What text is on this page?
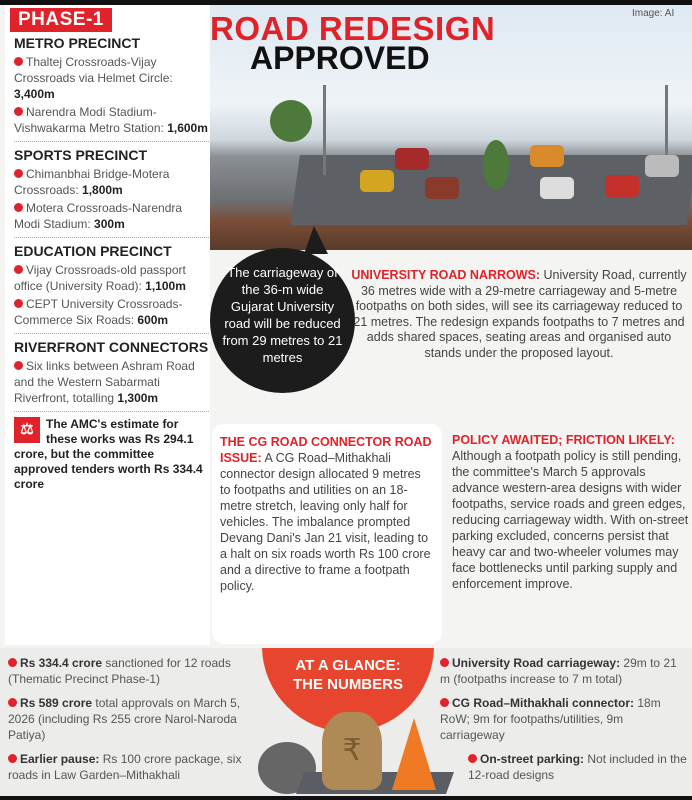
ROAD REDESIGN
APPROVED
Image: AI
PHASE-1
METRO PRECINCT

Thaltej Crossroads-Vijay Crossroads via Helmet Circle: 3,400m

Narendra Modi Stadium-Vishwakarma Metro Station: 1,600m

SPORTS PRECINCT

Chimanbhai Bridge-Motera Crossroads: 1,800m

Motera Crossroads-Narendra Modi Stadium: 300m

EDUCATION PRECINCT

Vijay Crossroads-old passport office (University Road): 1,100m

CEPT University Crossroads-Commerce Six Roads: 600m

RIVERFRONT CONNECTORS

Six links between Ashram Road and the Western Sabarmati Riverfront, totalling 1,300m

⚖	The AMC's estimate for these works was Rs 294.1 crore, but the committee approved tenders worth Rs 334.4 crore
The carriageway of the 36-m wide Gujarat University road will be reduced from 29 metres to 21 metres
UNIVERSITY ROAD NARROWS: University Road, currently 36 metres wide with a 29-metre carriageway and 5-metre footpaths on both sides, will see its carriageway reduced to 21 metres. The redesign expands footpaths to 7 metres and adds shared spaces, seating areas and organised auto stands under the proposed layout.
THE CG ROAD CONNECTOR ROAD ISSUE: A CG Road–Mithakhali connector design allocated 9 metres to footpaths and utilities on an 18-metre stretch, leaving only half for vehicles. The imbalance prompted Devang Dani's Jan 21 visit, leading to a halt on six roads worth Rs 100 crore and a directive to frame a footpath policy.
POLICY AWAITED; FRICTION LIKELY: Although a footpath policy is still pending, the committee's March 5 approvals advance western-area designs with wider footpaths, service roads and green edges, reducing carriageway width. With on-street parking excluded, concerns persist that heavy car and two-wheeler volumes may face bottlenecks until parking supply and enforcement improve.
AT A GLANCE:
THE NUMBERS
₹

Rs 334.4 crore sanctioned for 12 roads (Thematic Precinct Phase-1)

Rs 589 crore total approvals on March 5, 2026 (including Rs 255 crore Narol-Naroda Patiya)

Earlier pause: Rs 100 crore package, six roads in Law Garden–Mithakhali

University Road carriageway: 29m to 21 m (footpaths increase to 7 m total)

CG Road–Mithakhali connector: 18m RoW; 9m for footpaths/utilities, 9m carriageway

On-street parking: Not included in the 12-road designs
